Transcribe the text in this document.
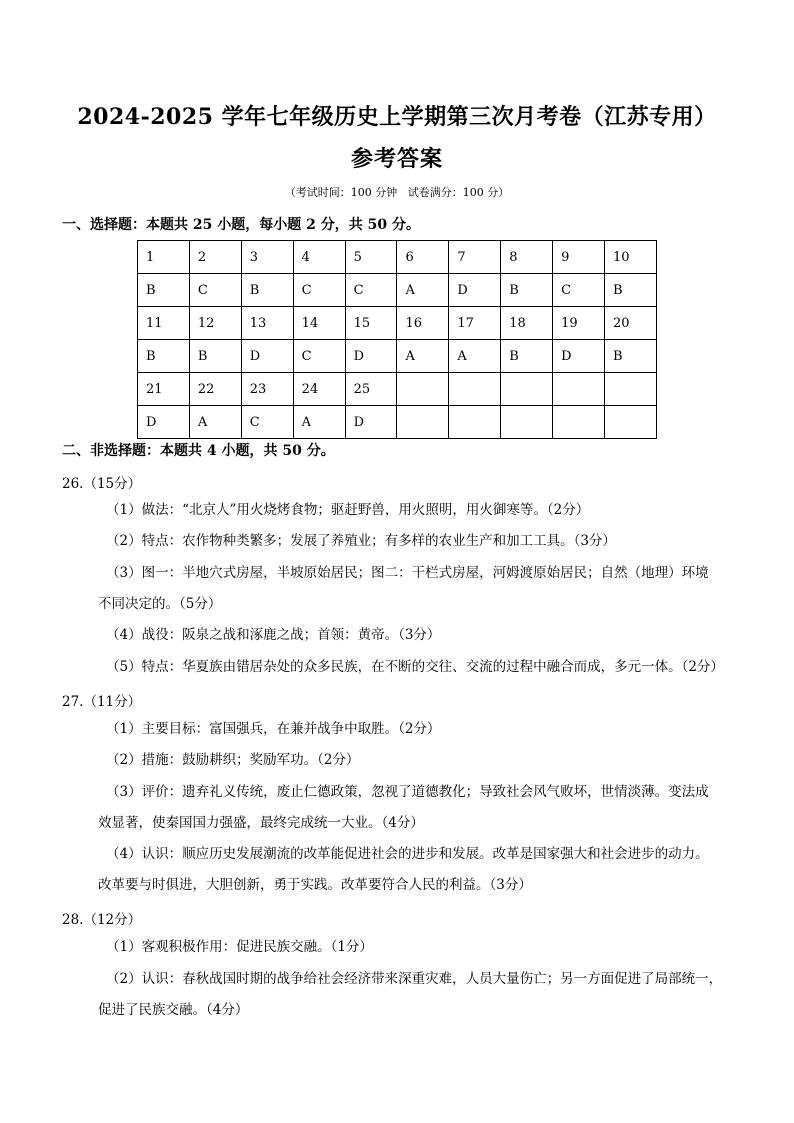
2024-2025 学年七年级历史上学期第三次月考卷（江苏专用）
参考答案
（考试时间：100 分钟   试卷满分：100 分）
一、选择题：本题共 25 小题，每小题 2 分，共 50 分。
1	2	3	4	5	6	7	8	9	10
B	C	B	C	C	A	D	B	C	B
11	12	13	14	15	16	17	18	19	20
B	B	D	C	D	A	A	B	D	B
21	22	23	24	25					
D	A	C	A	D					
二、非选择题：本题共 4 小题，共 50 分。
26.（15分）
（1）做法：“北京人”用火烧烤食物；驱赶野兽，用火照明，用火御寒等。（2分）
（2）特点：农作物种类繁多；发展了养殖业；有多样的农业生产和加工工具。（3分）
（3）图一：半地穴式房屋，半坡原始居民；图二：干栏式房屋，河姆渡原始居民；自然（地理）环境
不同决定的。（5分）
（4）战役：阪泉之战和涿鹿之战；首领：黄帝。（3分）
（5）特点：华夏族由错居杂处的众多民族，在不断的交往、交流的过程中融合而成，多元一体。（2分）
27.（11分）
（1）主要目标：富国强兵，在兼并战争中取胜。（2分）
（2）措施：鼓励耕织；奖励军功。（2分）
（3）评价：遗弃礼义传统，废止仁德政策，忽视了道德教化；导致社会风气败坏，世情淡薄。变法成
效显著，使秦国国力强盛，最终完成统一大业。（4分）
（4）认识：顺应历史发展潮流的改革能促进社会的进步和发展。改革是国家强大和社会进步的动力。
改革要与时俱进，大胆创新，勇于实践。改革要符合人民的利益。（3分）
28.（12分）
（1）客观积极作用：促进民族交融。（1分）
（2）认识：春秋战国时期的战争给社会经济带来深重灾难，人员大量伤亡；另一方面促进了局部统一，
促进了民族交融。（4分）
